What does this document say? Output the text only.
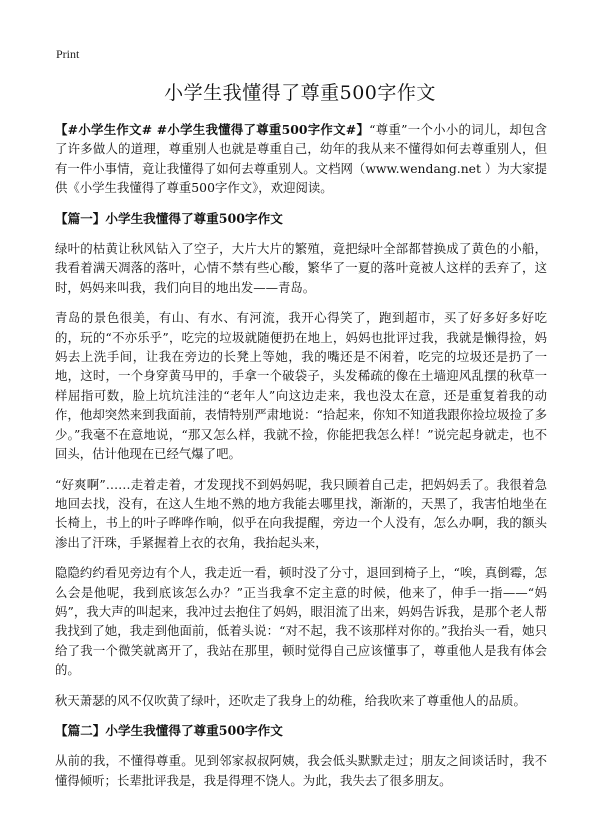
Print
小学生我懂得了尊重500字作文

【#小学生作文# #小学生我懂得了尊重500字作文#】“尊重”一个小小的词儿，却包含了许多做人的道理，尊重别人也就是尊重自己，幼年的我从来不懂得如何去尊重别人，但有一件小事情，竟让我懂得了如何去尊重别人。文档网（www.wendang.net ）为大家提供《小学生我懂得了尊重500字作文》，欢迎阅读。

【篇一】小学生我懂得了尊重500字作文

绿叶的枯黄让秋风钻入了空子，大片大片的繁殖，竟把绿叶全部都替换成了黄色的小船，我看着满天凋落的落叶，心情不禁有些心酸，繁华了一夏的落叶竟被人这样的丢弃了，这时，妈妈来叫我，我们向目的地出发——青岛。

青岛的景色很美，有山、有水、有河流，我开心得笑了，跑到超市，买了好多好多好吃的，玩的“不亦乐乎”，吃完的垃圾就随便扔在地上，妈妈也批评过我，我就是懒得捡，妈妈去上洗手间，让我在旁边的长凳上等她，我的嘴还是不闲着，吃完的垃圾还是扔了一地，这时，一个身穿黄马甲的，手拿一个破袋子，头发稀疏的像在土墙迎风乱摆的秋草一样屈指可数，脸上坑坑洼洼的“老年人”向这边走来，我也没太在意，还是重复着我的动作，他却突然来到我面前，表情特别严肃地说：“拾起来，你知不知道我跟你捡垃圾捡了多少。”我毫不在意地说，“那又怎么样，我就不捡，你能把我怎么样！”说完起身就走，也不回头，估计他现在已经气爆了吧。

“好爽啊”……走着走着，才发现找不到妈妈呢，我只顾着自己走，把妈妈丢了。我很着急地回去找，没有，在这人生地不熟的地方我能去哪里找，渐渐的，天黑了，我害怕地坐在长椅上，书上的叶子哗哗作响，似乎在向我提醒，旁边一个人没有，怎么办啊，我的额头渗出了汗珠，手紧握着上衣的衣角，我抬起头来，

隐隐约约看见旁边有个人，我走近一看，顿时没了分寸，退回到椅子上，“唉，真倒霉，怎么会是他呢，我到底该怎么办？”正当我拿不定主意的时候，他来了，伸手一指——“妈妈”，我大声的叫起来，我冲过去抱住了妈妈，眼泪流了出来，妈妈告诉我，是那个老人帮我找到了她，我走到他面前，低着头说：“对不起，我不该那样对你的。”我抬头一看，她只给了我一个微笑就离开了，我站在那里，顿时觉得自己应该懂事了，尊重他人是我有体会的。

秋天萧瑟的风不仅吹黄了绿叶，还吹走了我身上的幼稚，给我吹来了尊重他人的品质。

【篇二】小学生我懂得了尊重500字作文

从前的我，不懂得尊重。见到邻家叔叔阿姨，我会低头默默走过；朋友之间谈话时，我不懂得倾听；长辈批评我是，我是得理不饶人。为此，我失去了很多朋友。
